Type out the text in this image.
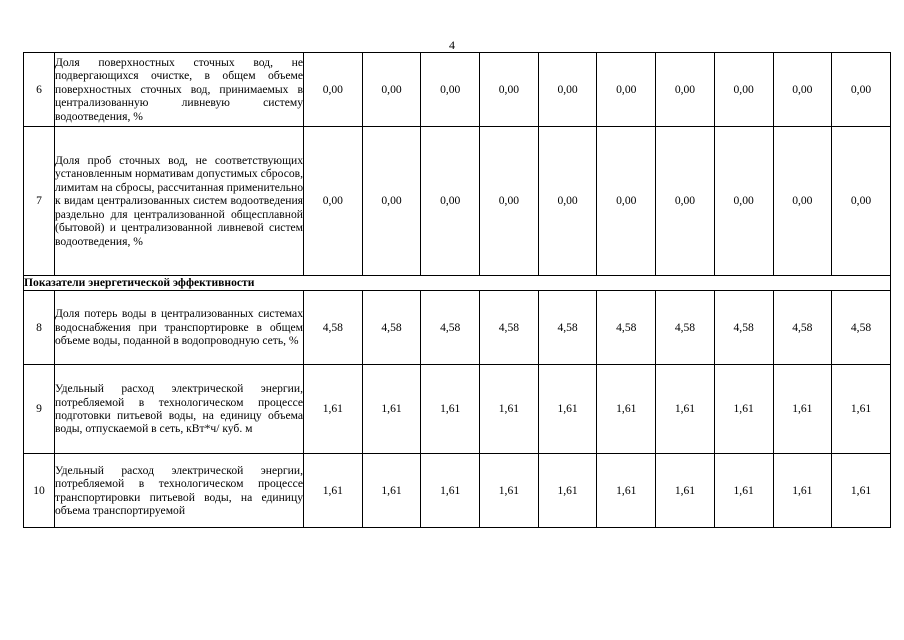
4
6	Доля поверхностных сточных вод, не подвергающихся очистке, в общем объеме поверхностных сточных вод, принимаемых в централизованную ливневую систему водоотведения, %	0,00	0,00	0,00	0,00	0,00	0,00	0,00	0,00	0,00	0,00
7	Доля проб сточных вод, не соответствующих установленным нормативам допустимых сбросов, лимитам на сбросы, рассчитанная применительно к видам централизованных систем водоотведения раздельно для централизованной общесплавной (бытовой) и централизованной ливневой систем водоотведения, %	0,00	0,00	0,00	0,00	0,00	0,00	0,00	0,00	0,00	0,00
Показатели энергетической эффективности											
8	Доля потерь воды в централизованных системах водоснабжения при транспортировке в общем объеме воды, поданной в водопроводную сеть, %	4,58	4,58	4,58	4,58	4,58	4,58	4,58	4,58	4,58	4,58
9	Удельный расход электрической энергии, потребляемой в технологическом процессе подготовки питьевой воды, на единицу объема воды, отпускаемой в сеть, кВт*ч/ куб. м	1,61	1,61	1,61	1,61	1,61	1,61	1,61	1,61	1,61	1,61
10	Удельный расход электрической энергии, потребляемой в технологическом процессе транспортировки питьевой воды, на единицу объема транспортируемой	1,61	1,61	1,61	1,61	1,61	1,61	1,61	1,61	1,61	1,61
